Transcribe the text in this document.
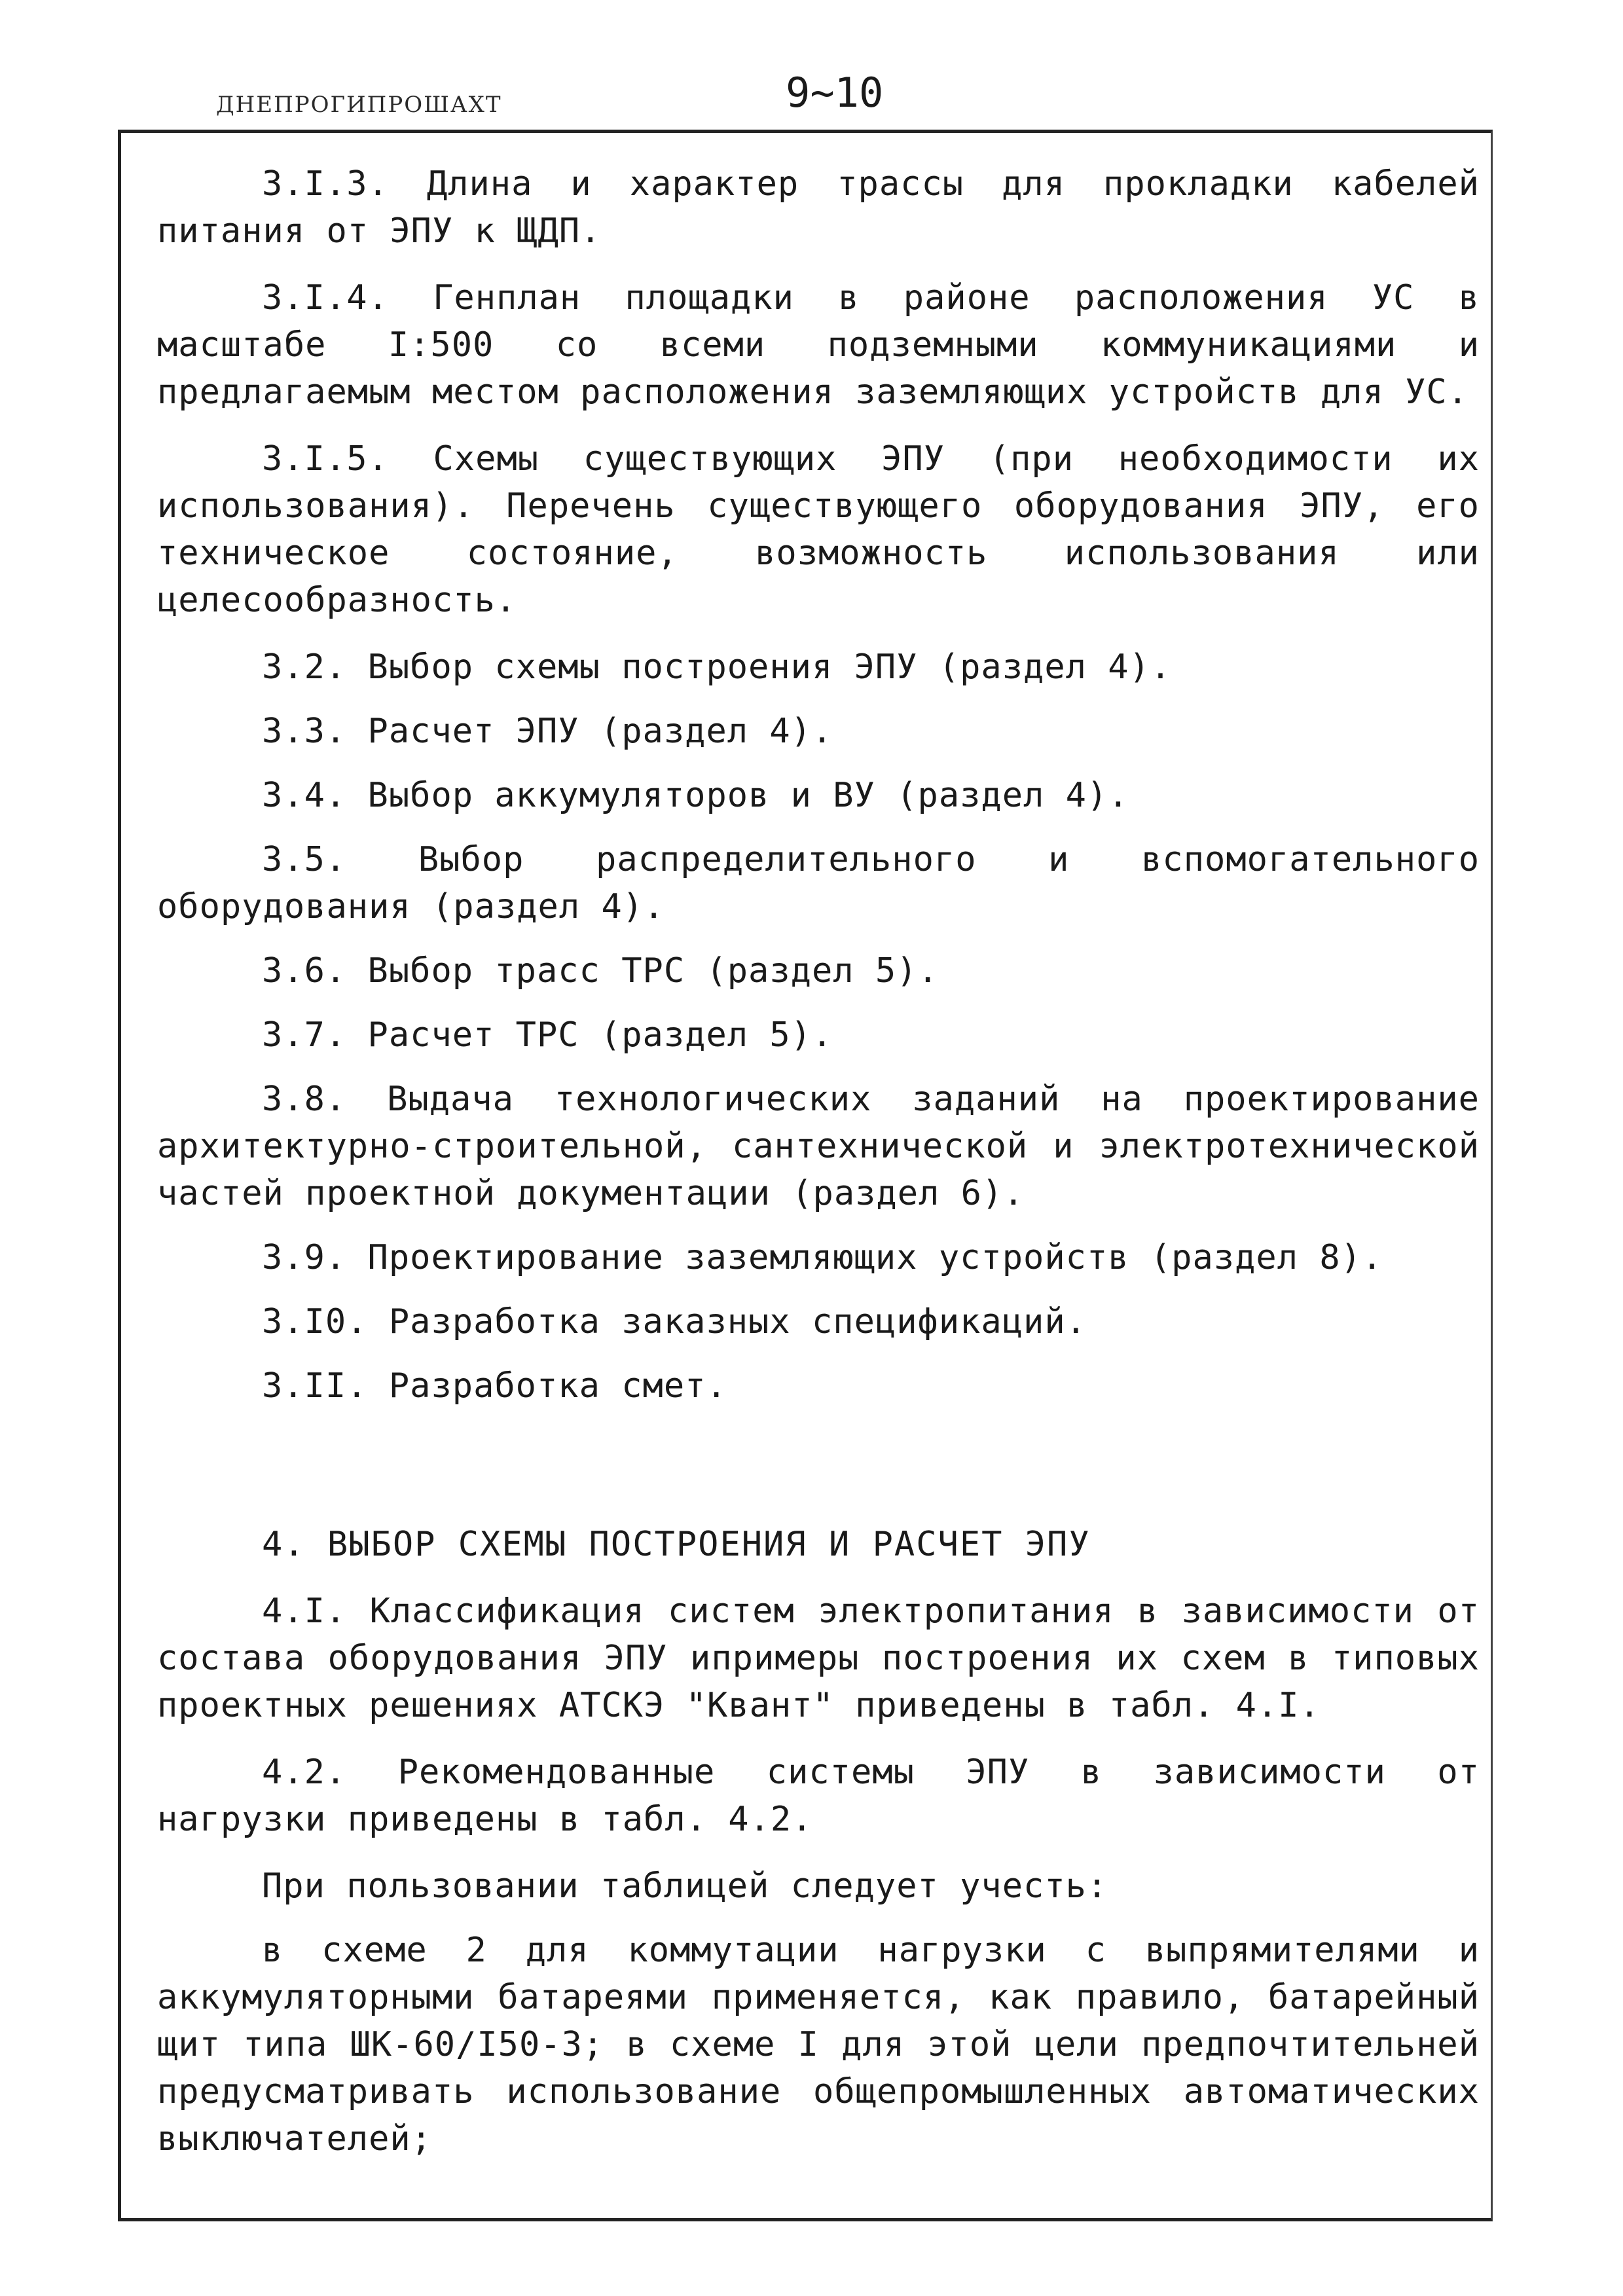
ДНЕПРОГИПРОШАХТ	9~10

3.I.3. Длина и характер трассы для прокладки кабелей питания от ЭПУ к ЩДП.

3.I.4. Генплан площадки в районе расположения УС в масштабе I:500 со всеми подземными коммуникациями и предлагаемым местом расположения заземляющих устройств для УС.

3.I.5. Схемы существующих ЭПУ (при необходимости их использования). Перечень существующего оборудования ЭПУ, его техническое состояние, возможность использования или целесообразность.

3.2. Выбор схемы построения ЭПУ (раздел 4).

3.3. Расчет ЭПУ (раздел 4).

3.4. Выбор аккумуляторов и ВУ (раздел 4).

3.5. Выбор распределительного и вспомогательного оборудования (раздел 4).

3.6. Выбор трасс ТРС (раздел 5).

3.7. Расчет ТРС (раздел 5).

3.8. Выдача технологических заданий на проектирование архитектурно-строительной, сантехнической и электротехнической частей проектной документации (раздел 6).

3.9. Проектирование заземляющих устройств (раздел 8).

3.I0. Разработка заказных спецификаций.

3.II. Разработка смет.

4. ВЫБОР СХЕМЫ ПОСТРОЕНИЯ И РАСЧЕТ ЭПУ

4.I. Классификация систем электропитания в зависимости от состава оборудования ЭПУ ипримеры построения их схем в типовых проектных решениях АТСКЭ "Квант" приведены в табл. 4.I.

4.2. Рекомендованные системы ЭПУ в зависимости от нагрузки приведены в табл. 4.2.

При пользовании таблицей следует учесть:

в схеме 2 для коммутации нагрузки с выпрямителями и аккумуляторными батареями применяется, как правило, батарейный щит типа ШК-60/I50-3; в схеме I для этой цели предпочтительней предусматривать использование общепромышленных автоматических выключателей;
